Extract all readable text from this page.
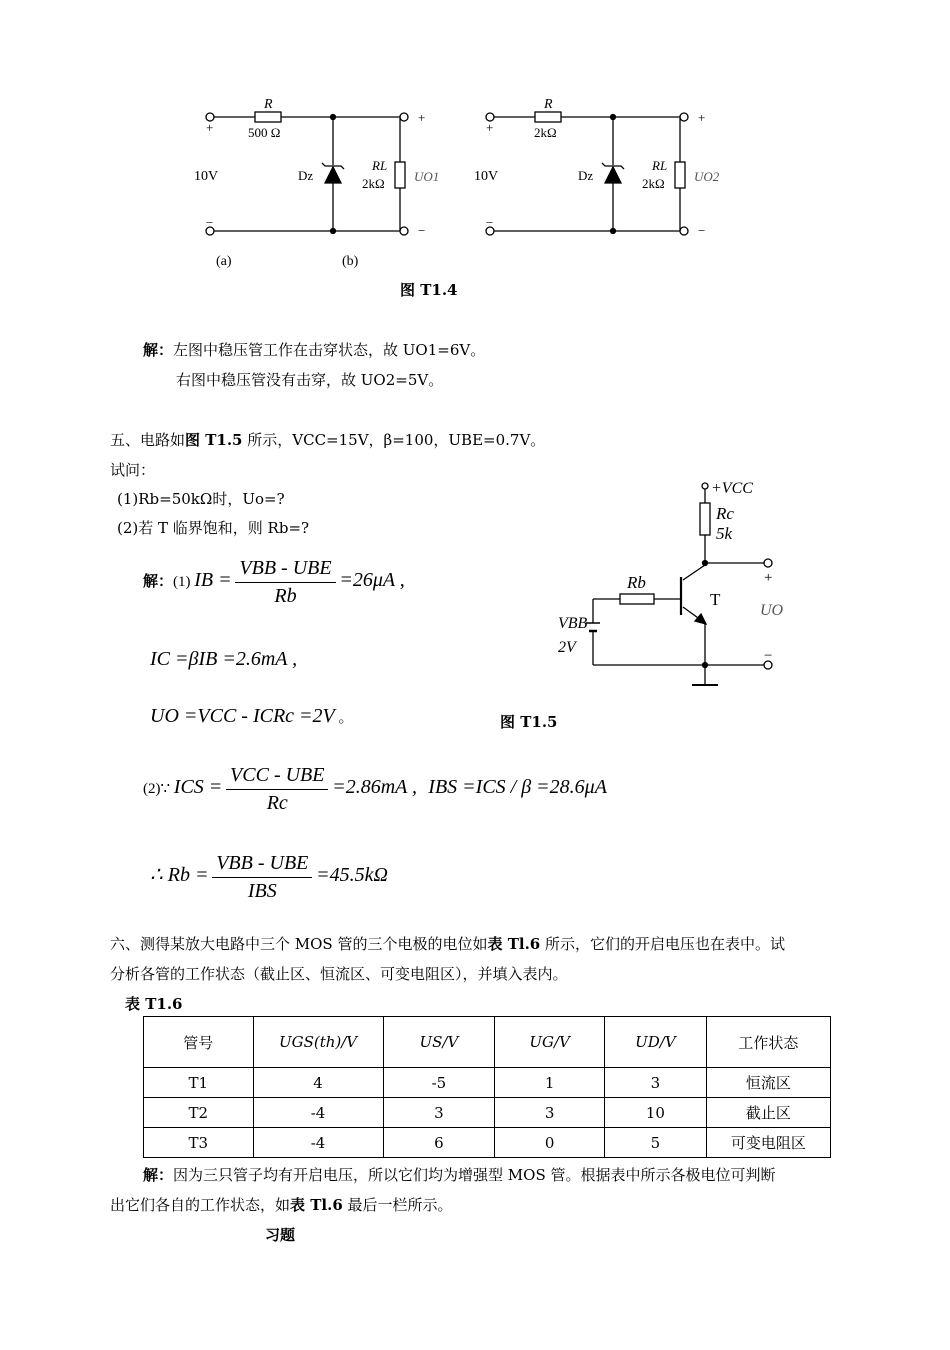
+
−
R
500 Ω
10V	Dz
RL
2kΩ UO1
+
−
+
−
R
2kΩ
10V	Dz
RL
2kΩ UO2
+
−
(a)	(b)
图 T1.4
解：左图中稳压管工作在击穿状态，故 UO1=6V。
右图中稳压管没有击穿，故 UO2=5V。
五、电路如图 T1.5 所示，VCC=15V，β=100，UBE=0.7V。
试问：
(1)Rb=50kΩ时，Uo=?
(2)若 T 临界饱和，则 Rb=?
解：(1) IB = $\frac{\text{VBB - UBE}}{Rb} =26\mu A$ ,
IC =βIB =2.6mA ,
UO =VCC - ICRc =2V 。
(2)∵ ICS = $\frac{\text{VCC - UBE}}{Rc} =2.86mA$ , IBS =ICS / β =28.6μA
∴ $Rb = \frac{\text{VBB - UBE}}{\text{IBS}} =45.5k\Omega$
+VCC
Rc
5k
+
Rb
T
UO
VBB
2V	−
图 T1.5
六、测得某放大电路中三个 MOS 管的三个电极的电位如表 Tl.6 所示，它们的开启电压也在表中。试
分析各管的工作状态（截止区、恒流区、可变电阻区），并填入表内。
表 T1.6
管号	UGS(th)/V	US/V	UG/V	UD/V	工作状态
T1	4	-5	1	3	恒流区
T2	-4	3	3	10	截止区
T3	-4	6	0	5	可变电阻区
解：因为三只管子均有开启电压，所以它们均为增强型 MOS 管。根据表中所示各极电位可判断
出它们各自的工作状态，如表 Tl.6 最后一栏所示。
习题
